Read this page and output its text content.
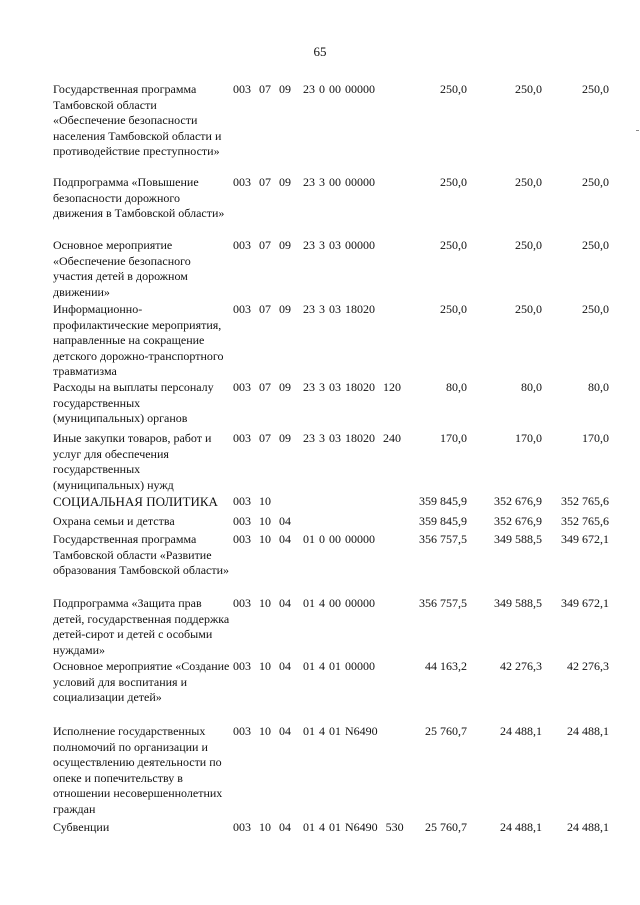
65
Государственная программа Тамбовской области «Обеспечение безопасности населения Тамбовской области и противодействие преступности»
003  07  09   23 0 00 00000	250,0	250,0	250,0
Подпрограмма «Повышение безопасности дорожного движения в Тамбовской области»
003  07  09   23 3 00 00000	250,0	250,0	250,0
Основное мероприятие «Обеспечение безопасного участия детей в дорожном движении»
003  07  09   23 3 03 00000	250,0	250,0	250,0
Информационно-профилактические мероприятия, направленные на сокращение детского дорожно-транспортного травматизма
003  07  09   23 3 03 18020	250,0	250,0	250,0
Расходы на выплаты персоналу государственных (муниципальных) органов
003  07  09   23 3 03 18020  120	80,0	80,0	80,0
Иные закупки товаров, работ и услуг для обеспечения государственных (муниципальных) нужд
003  07  09   23 3 03 18020  240	170,0	170,0	170,0
СОЦИАЛЬНАЯ ПОЛИТИКА	003  10	359 845,9	352 676,9	352 765,6
Охрана семьи и детства	003  10  04	359 845,9	352 676,9	352 765,6
Государственная программа Тамбовской области «Развитие образования Тамбовской области»
003  10  04   01 0 00 00000	356 757,5	349 588,5	349 672,1
Подпрограмма «Защита прав детей, государственная поддержка детей-сирот и детей с особыми нуждами»
003  10  04   01 4 00 00000	356 757,5	349 588,5	349 672,1
Основное мероприятие «Создание условий для воспитания и социализации детей»
003  10  04   01 4 01 00000	44 163,2	42 276,3	42 276,3
Исполнение государственных полномочий по организации и осуществлению деятельности по опеке и попечительству в отношении несовершеннолетних граждан
003  10  04   01 4 01 N6490	25 760,7	24 488,1	24 488,1
Субвенции	003  10  04   01 4 01 N6490  530	25 760,7	24 488,1	24 488,1
